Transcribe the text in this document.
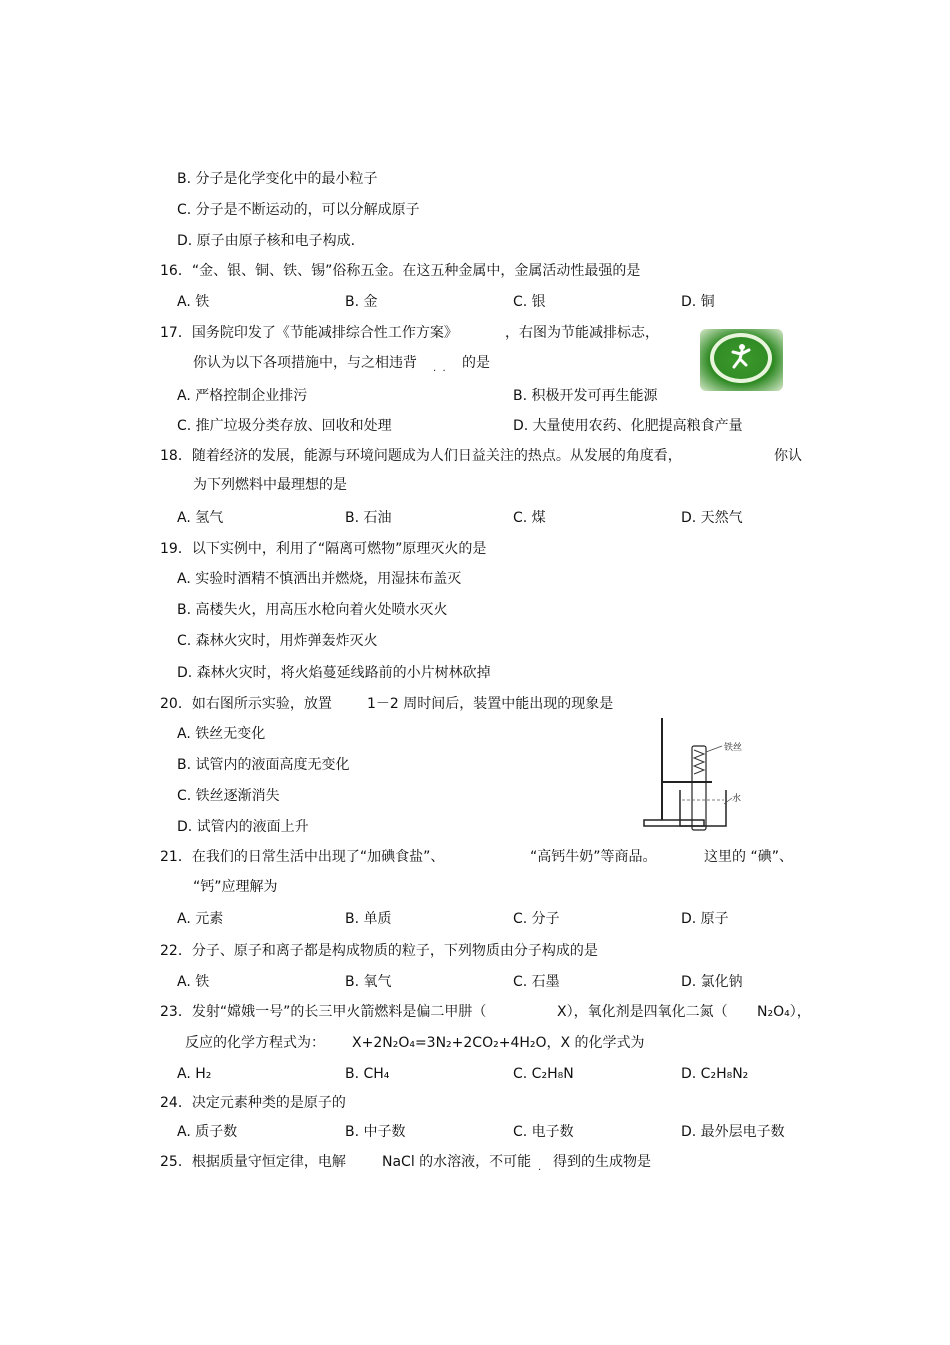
B. 分子是化学变化中的最小粒子
C. 分子是不断运动的，可以分解成原子
D. 原子由原子核和电子构成.
16．“金、银、铜、铁、锡”俗称五金。在这五种金属中，金属活动性最强的是
A. 铁	B. 金	C. 银	D. 铜
17．国务院印发了《节能减排综合性工作方案》	，右图为节能减排标志，
你认为以下各项措施中，与之相违背
·  ·
的是
A. 严格控制企业排污	B. 积极开发可再生能源
C. 推广垃圾分类存放、回收和处理	D. 大量使用农药、化肥提高粮食产量
18．随着经济的发展，能源与环境问题成为人们日益关注的热点。从发展的角度看，	你认
为下列燃料中最理想的是
A. 氢气	B. 石油	C. 煤	D. 天然气
19．以下实例中，利用了“隔离可燃物”原理灭火的是
A. 实验时酒精不慎洒出并燃烧，用湿抹布盖灭
B. 高楼失火，用高压水枪向着火处喷水灭火
C. 森林火灾时，用炸弹轰炸灭火
D. 森林火灾时，将火焰蔓延线路前的小片树林砍掉
20．如右图所示实验，放置	1－2 周时间后，装置中能出现的现象是
A. 铁丝无变化
B. 试管内的液面高度无变化
C. 铁丝逐渐消失
D. 试管内的液面上升
铁丝
水
21．在我们的日常生活中出现了“加碘食盐”、	“高钙牛奶”等商品。	这里的 “碘”、
“钙”应理解为
A. 元素	B. 单质	C. 分子	D. 原子
22．分子、原子和离子都是构成物质的粒子，下列物质由分子构成的是
A. 铁	B. 氧气	C. 石墨	D. 氯化钠
23．发射“嫦娥一号”的长三甲火箭燃料是偏二甲肼（	X），氧化剂是四氧化二氮（ N₂O₄），
反应的化学方程式为： X+2N₂O₄=3N₂+2CO₂+4H₂O，X 的化学式为
A. H₂	B. CH₄	C. C₂H₈N	D. C₂H₈N₂
24．决定元素种类的是原子的
A. 质子数	B. 中子数	C. 电子数	D. 最外层电子数
25．根据质量守恒定律，电解	NaCl 的水溶液，不可能
·
得到的生成物是
